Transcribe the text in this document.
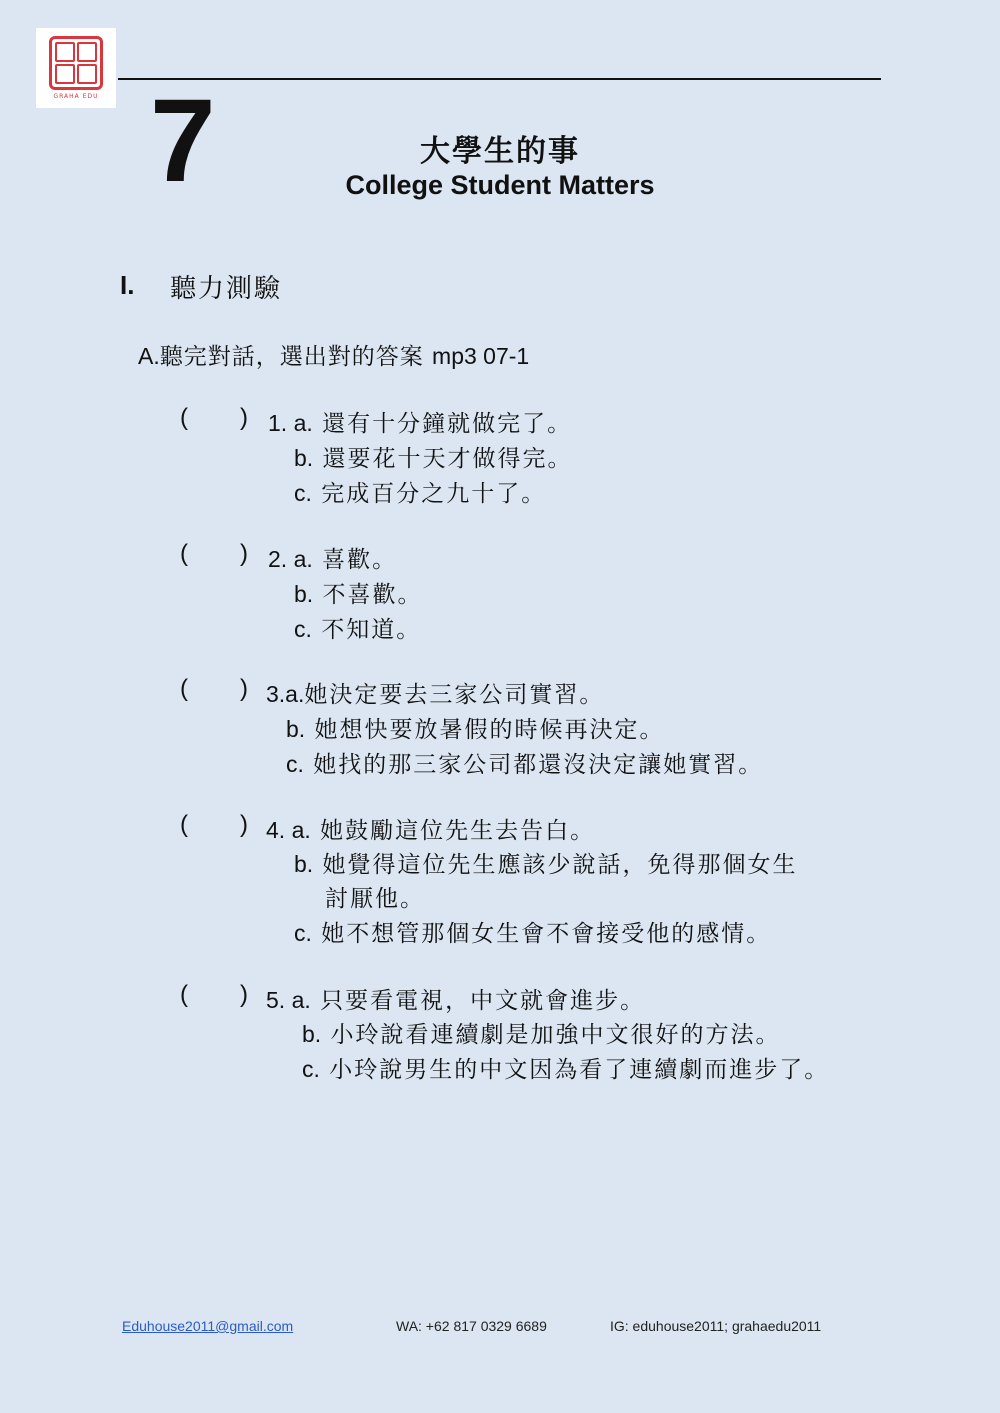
GRAHA EDU 7	大學生的事
College Student Matters
I. 聽力測驗
A.聽完對話，選出對的答案 mp3 07-1
( ) 1. a. 還有十分鐘就做完了。
b. 還要花十天才做得完。
c. 完成百分之九十了。
( ) 2. a. 喜歡。
b. 不喜歡。
c. 不知道。
( ) 3.a.她決定要去三家公司實習。
b. 她想快要放暑假的時候再決定。
c. 她找的那三家公司都還沒決定讓她實習。
( ) 4. a. 她鼓勵這位先生去告白。
b. 她覺得這位先生應該少說話，免得那個女生
討厭他。
c. 她不想管那個女生會不會接受他的感情。
( ) 5. a. 只要看電視，中文就會進步。
b. 小玲說看連續劇是加強中文很好的方法。
c. 小玲說男生的中文因為看了連續劇而進步了。
Eduhouse2011@gmail.com	WA: +62 817 0329 6689	IG: eduhouse2011; grahaedu2011
